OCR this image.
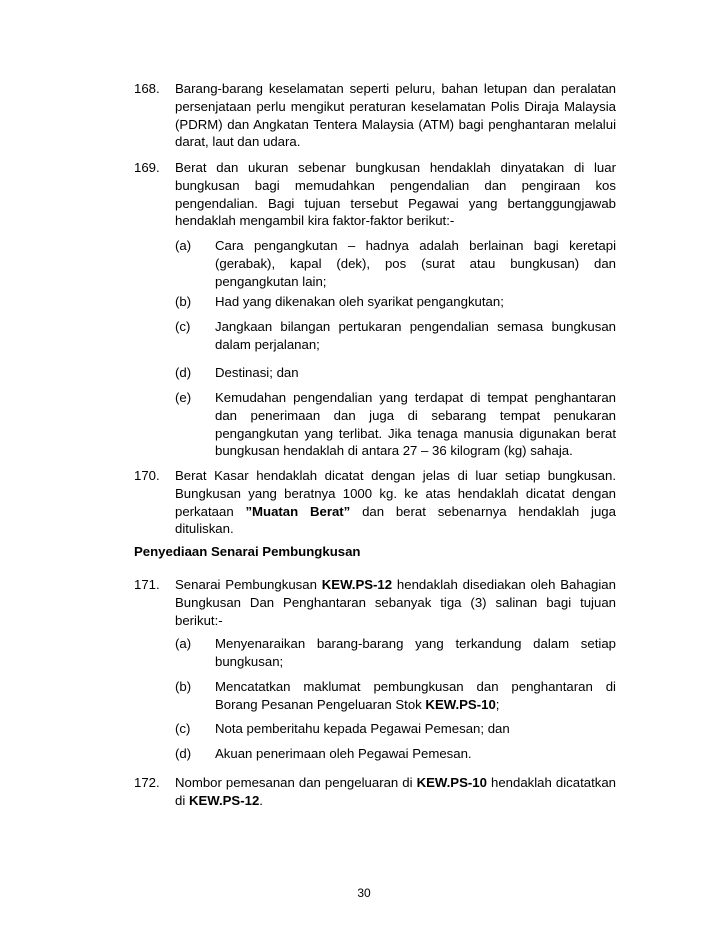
168. Barang-barang keselamatan seperti peluru, bahan letupan dan peralatan persenjataan perlu mengikut peraturan keselamatan Polis Diraja Malaysia (PDRM) dan Angkatan Tentera Malaysia (ATM) bagi penghantaran melalui darat, laut dan udara.
169. Berat dan ukuran sebenar bungkusan hendaklah dinyatakan di luar bungkusan bagi memudahkan pengendalian dan pengiraan kos pengendalian. Bagi tujuan tersebut Pegawai yang bertanggungjawab hendaklah mengambil kira faktor-faktor berikut:-
(a) Cara pengangkutan – hadnya adalah berlainan bagi keretapi (gerabak), kapal (dek), pos (surat atau bungkusan) dan pengangkutan lain;
(b) Had yang dikenakan oleh syarikat pengangkutan;
(c) Jangkaan bilangan pertukaran pengendalian semasa bungkusan dalam perjalanan;
(d) Destinasi; dan
(e) Kemudahan pengendalian yang terdapat di tempat penghantaran dan penerimaan dan juga di sebarang tempat penukaran pengangkutan yang terlibat. Jika tenaga manusia digunakan berat bungkusan hendaklah di antara 27 – 36 kilogram (kg) sahaja.
170. Berat Kasar hendaklah dicatat dengan jelas di luar setiap bungkusan. Bungkusan yang beratnya 1000 kg. ke atas hendaklah dicatat dengan perkataan ”Muatan Berat” dan berat sebenarnya hendaklah juga dituliskan.
Penyediaan Senarai Pembungkusan
171. Senarai Pembungkusan KEW.PS-12 hendaklah disediakan oleh Bahagian Bungkusan Dan Penghantaran sebanyak tiga (3) salinan bagi tujuan berikut:-
(a) Menyenaraikan barang-barang yang terkandung dalam setiap bungkusan;
(b) Mencatatkan maklumat pembungkusan dan penghantaran di Borang Pesanan Pengeluaran Stok KEW.PS-10;
(c) Nota pemberitahu kepada Pegawai Pemesan; dan
(d) Akuan penerimaan oleh Pegawai Pemesan.
172. Nombor pemesanan dan pengeluaran di KEW.PS-10 hendaklah dicatatkan di KEW.PS-12.
30
